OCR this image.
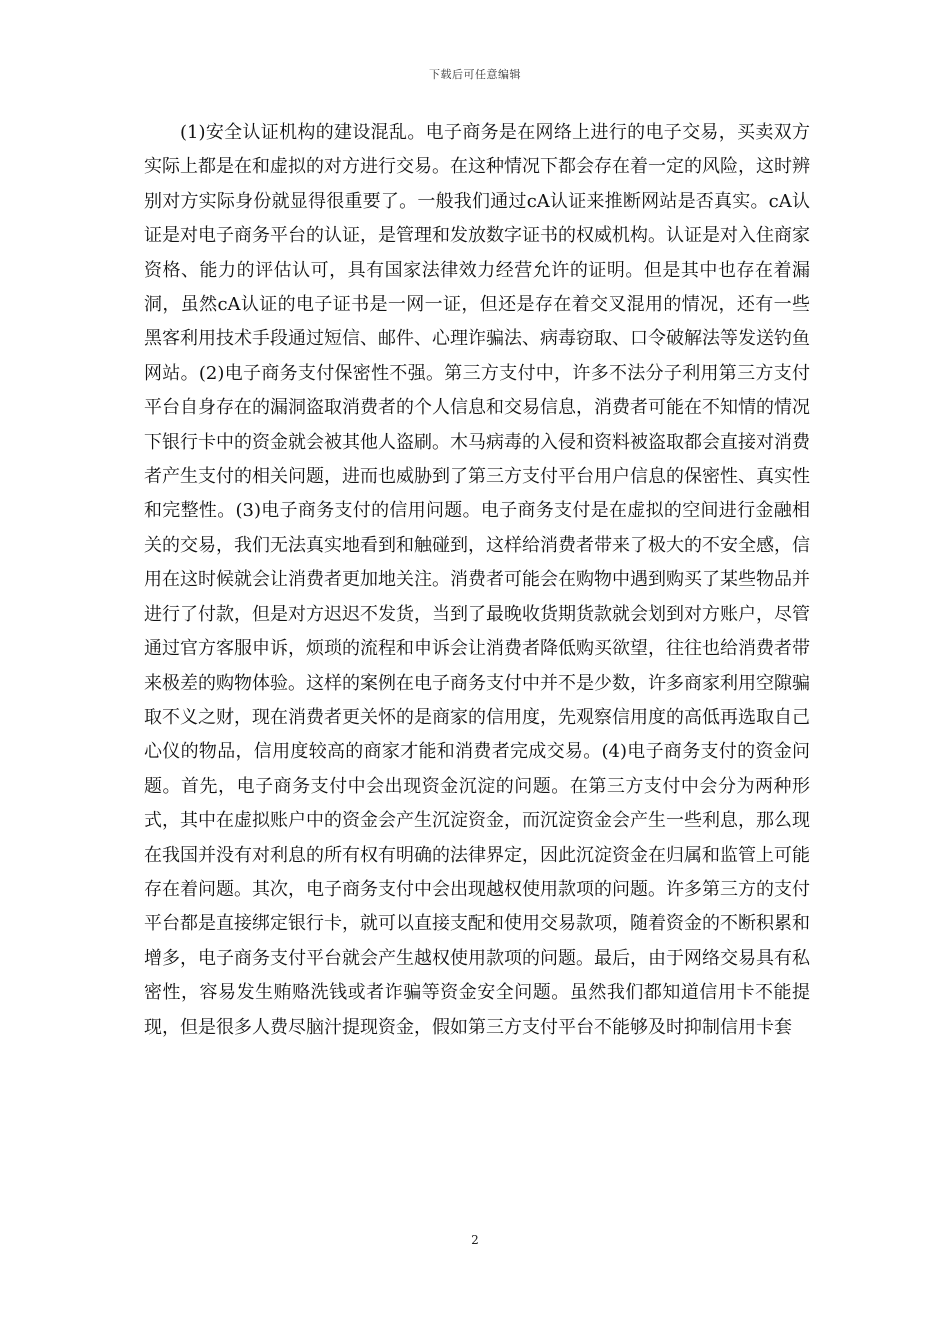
下载后可任意编辑

(1)安全认证机构的建设混乱。电子商务是在网络上进行的电子交易，买卖双方实际上都是在和虚拟的对方进行交易。在这种情况下都会存在着一定的风险，这时辨别对方实际身份就显得很重要了。一般我们通过cA认证来推断网站是否真实。cA认证是对电子商务平台的认证，是管理和发放数字证书的权威机构。认证是对入住商家资格、能力的评估认可，具有国家法律效力经营允许的证明。但是其中也存在着漏洞，虽然cA认证的电子证书是一网一证，但还是存在着交叉混用的情况，还有一些黑客利用技术手段通过短信、邮件、心理诈骗法、病毒窃取、口令破解法等发送钓鱼网站。(2)电子商务支付保密性不强。第三方支付中，许多不法分子利用第三方支付平台自身存在的漏洞盗取消费者的个人信息和交易信息，消费者可能在不知情的情况下银行卡中的资金就会被其他人盗刷。木马病毒的入侵和资料被盗取都会直接对消费者产生支付的相关问题，进而也威胁到了第三方支付平台用户信息的保密性、真实性和完整性。(3)电子商务支付的信用问题。电子商务支付是在虚拟的空间进行金融相关的交易，我们无法真实地看到和触碰到，这样给消费者带来了极大的不安全感，信用在这时候就会让消费者更加地关注。消费者可能会在购物中遇到购买了某些物品并进行了付款，但是对方迟迟不发货，当到了最晚收货期货款就会划到对方账户，尽管通过官方客服申诉，烦琐的流程和申诉会让消费者降低购买欲望，往往也给消费者带来极差的购物体验。这样的案例在电子商务支付中并不是少数，许多商家利用空隙骗取不义之财，现在消费者更关怀的是商家的信用度，先观察信用度的高低再选取自己心仪的物品，信用度较高的商家才能和消费者完成交易。(4)电子商务支付的资金问题。首先，电子商务支付中会出现资金沉淀的问题。在第三方支付中会分为两种形式，其中在虚拟账户中的资金会产生沉淀资金，而沉淀资金会产生一些利息，那么现在我国并没有对利息的所有权有明确的法律界定，因此沉淀资金在归属和监管上可能存在着问题。其次，电子商务支付中会出现越权使用款项的问题。许多第三方的支付平台都是直接绑定银行卡，就可以直接支配和使用交易款项，随着资金的不断积累和增多，电子商务支付平台就会产生越权使用款项的问题。最后，由于网络交易具有私密性，容易发生贿赂洗钱或者诈骗等资金安全问题。虽然我们都知道信用卡不能提现，但是很多人费尽脑汁提现资金，假如第三方支付平台不能够及时抑制信用卡套

2
